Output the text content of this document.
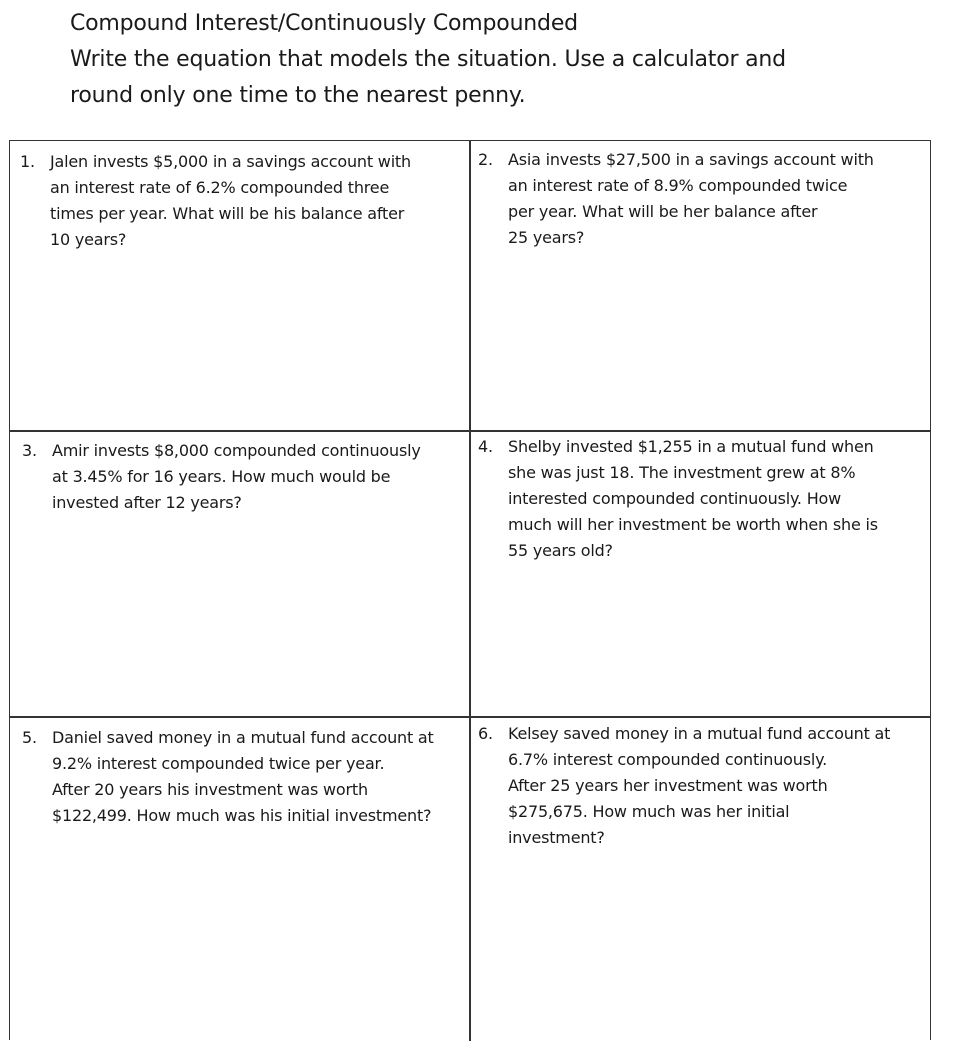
Compound Interest/Continuously Compounded
Write the equation that models the situation. Use a calculator and
round only one time to the nearest penny.
1. Jalen invests $5,000 in a savings account with
an interest rate of 6.2% compounded three
times per year. What will be his balance after
10 years?
2. Asia invests $27,500 in a savings account with
an interest rate of 8.9% compounded twice
per year. What will be her balance after
25 years?
3. Amir invests $8,000 compounded continuously
at 3.45% for 16 years. How much would be
invested after 12 years?
4. Shelby invested $1,255 in a mutual fund when
she was just 18. The investment grew at 8%
interested compounded continuously. How
much will her investment be worth when she is
55 years old?
5. Daniel saved money in a mutual fund account at
9.2% interest compounded twice per year.
After 20 years his investment was worth
$122,499. How much was his initial investment?
6. Kelsey saved money in a mutual fund account at
6.7% interest compounded continuously.
After 25 years her investment was worth
$275,675. How much was her initial
investment?
